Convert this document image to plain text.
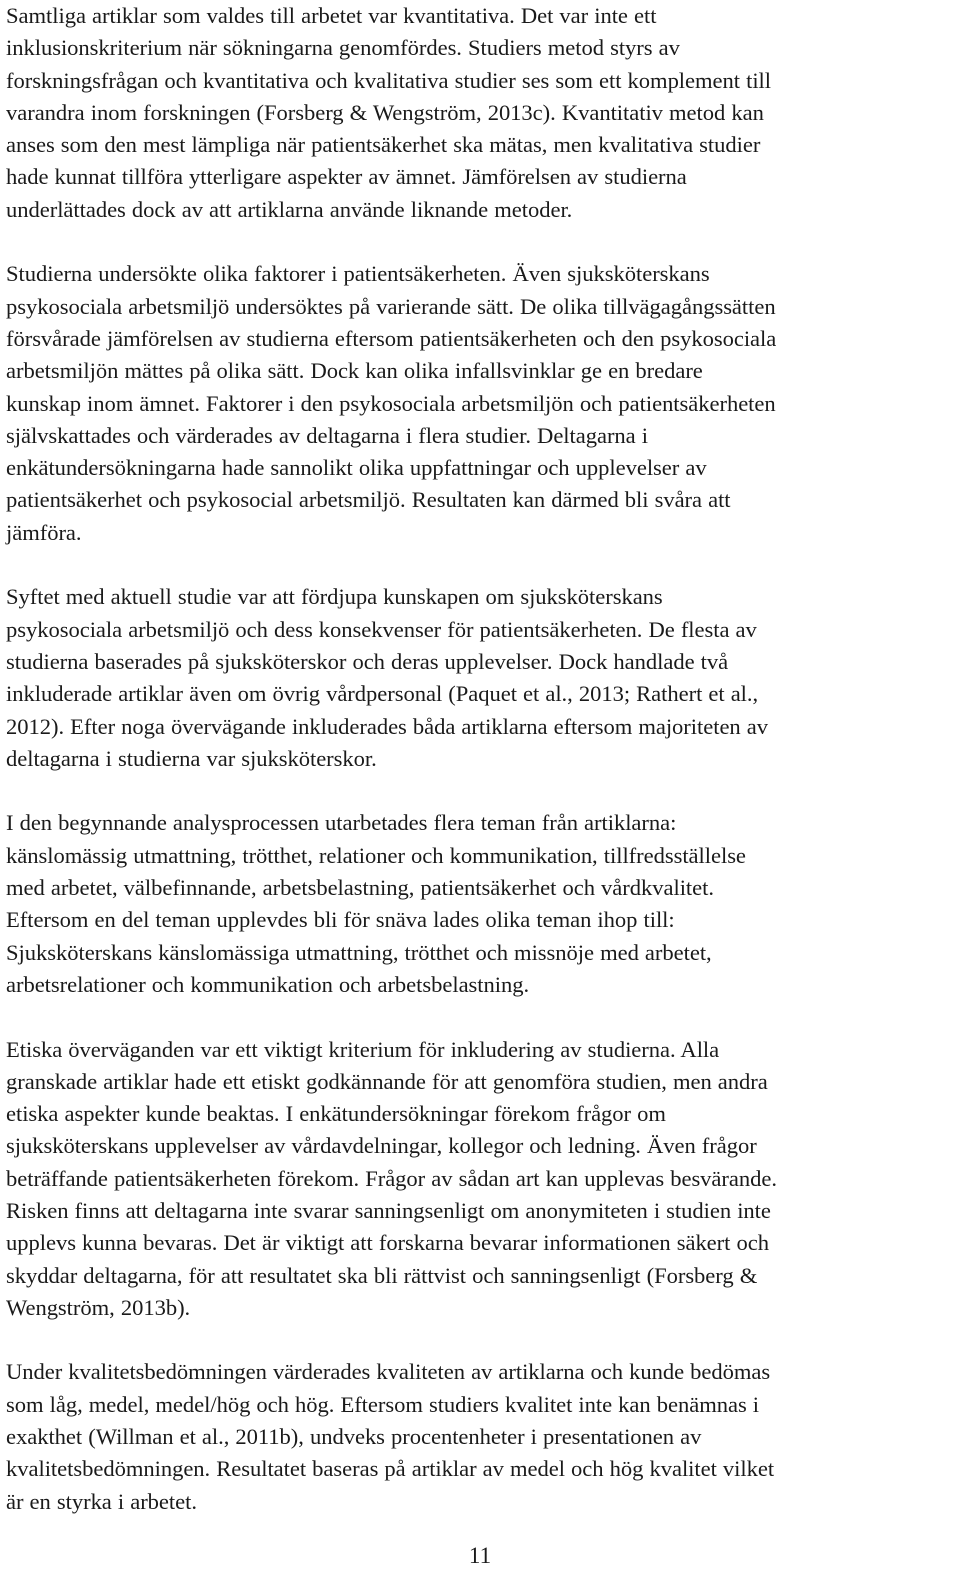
Samtliga artiklar som valdes till arbetet var kvantitativa. Det var inte ett
inklusionskriterium när sökningarna genomfördes. Studiers metod styrs av
forskningsfrågan och kvantitativa och kvalitativa studier ses som ett komplement till
varandra inom forskningen (Forsberg & Wengström, 2013c). Kvantitativ metod kan
anses som den mest lämpliga när patientsäkerhet ska mätas, men kvalitativa studier
hade kunnat tillföra ytterligare aspekter av ämnet. Jämförelsen av studierna
underlättades dock av att artiklarna använde liknande metoder.

Studierna undersökte olika faktorer i patientsäkerheten. Även sjuksköterskans
psykosociala arbetsmiljö undersöktes på varierande sätt. De olika tillvägagångssätten
försvårade jämförelsen av studierna eftersom patientsäkerheten och den psykosociala
arbetsmiljön mättes på olika sätt. Dock kan olika infallsvinklar ge en bredare
kunskap inom ämnet. Faktorer i den psykosociala arbetsmiljön och patientsäkerheten
självskattades och värderades av deltagarna i flera studier. Deltagarna i
enkätundersökningarna hade sannolikt olika uppfattningar och upplevelser av
patientsäkerhet och psykosocial arbetsmiljö. Resultaten kan därmed bli svåra att
jämföra.

Syftet med aktuell studie var att fördjupa kunskapen om sjuksköterskans
psykosociala arbetsmiljö och dess konsekvenser för patientsäkerheten. De flesta av
studierna baserades på sjuksköterskor och deras upplevelser. Dock handlade två
inkluderade artiklar även om övrig vårdpersonal (Paquet et al., 2013; Rathert et al.,
2012). Efter noga övervägande inkluderades båda artiklarna eftersom majoriteten av
deltagarna i studierna var sjuksköterskor.

I den begynnande analysprocessen utarbetades flera teman från artiklarna:
känslomässig utmattning, trötthet, relationer och kommunikation, tillfredsställelse
med arbetet, välbefinnande, arbetsbelastning, patientsäkerhet och vårdkvalitet.
Eftersom en del teman upplevdes bli för snäva lades olika teman ihop till:
Sjuksköterskans känslomässiga utmattning, trötthet och missnöje med arbetet,
arbetsrelationer och kommunikation och arbetsbelastning.

Etiska överväganden var ett viktigt kriterium för inkludering av studierna. Alla
granskade artiklar hade ett etiskt godkännande för att genomföra studien, men andra
etiska aspekter kunde beaktas. I enkätundersökningar förekom frågor om
sjuksköterskans upplevelser av vårdavdelningar, kollegor och ledning. Även frågor
beträffande patientsäkerheten förekom. Frågor av sådan art kan upplevas besvärande.
Risken finns att deltagarna inte svarar sanningsenligt om anonymiteten i studien inte
upplevs kunna bevaras. Det är viktigt att forskarna bevarar informationen säkert och
skyddar deltagarna, för att resultatet ska bli rättvist och sanningsenligt (Forsberg &
Wengström, 2013b).

Under kvalitetsbedömningen värderades kvaliteten av artiklarna och kunde bedömas
som låg, medel, medel/hög och hög. Eftersom studiers kvalitet inte kan benämnas i
exakthet (Willman et al., 2011b), undveks procentenheter i presentationen av
kvalitetsbedömningen. Resultatet baseras på artiklar av medel och hög kvalitet vilket
är en styrka i arbetet.

11
